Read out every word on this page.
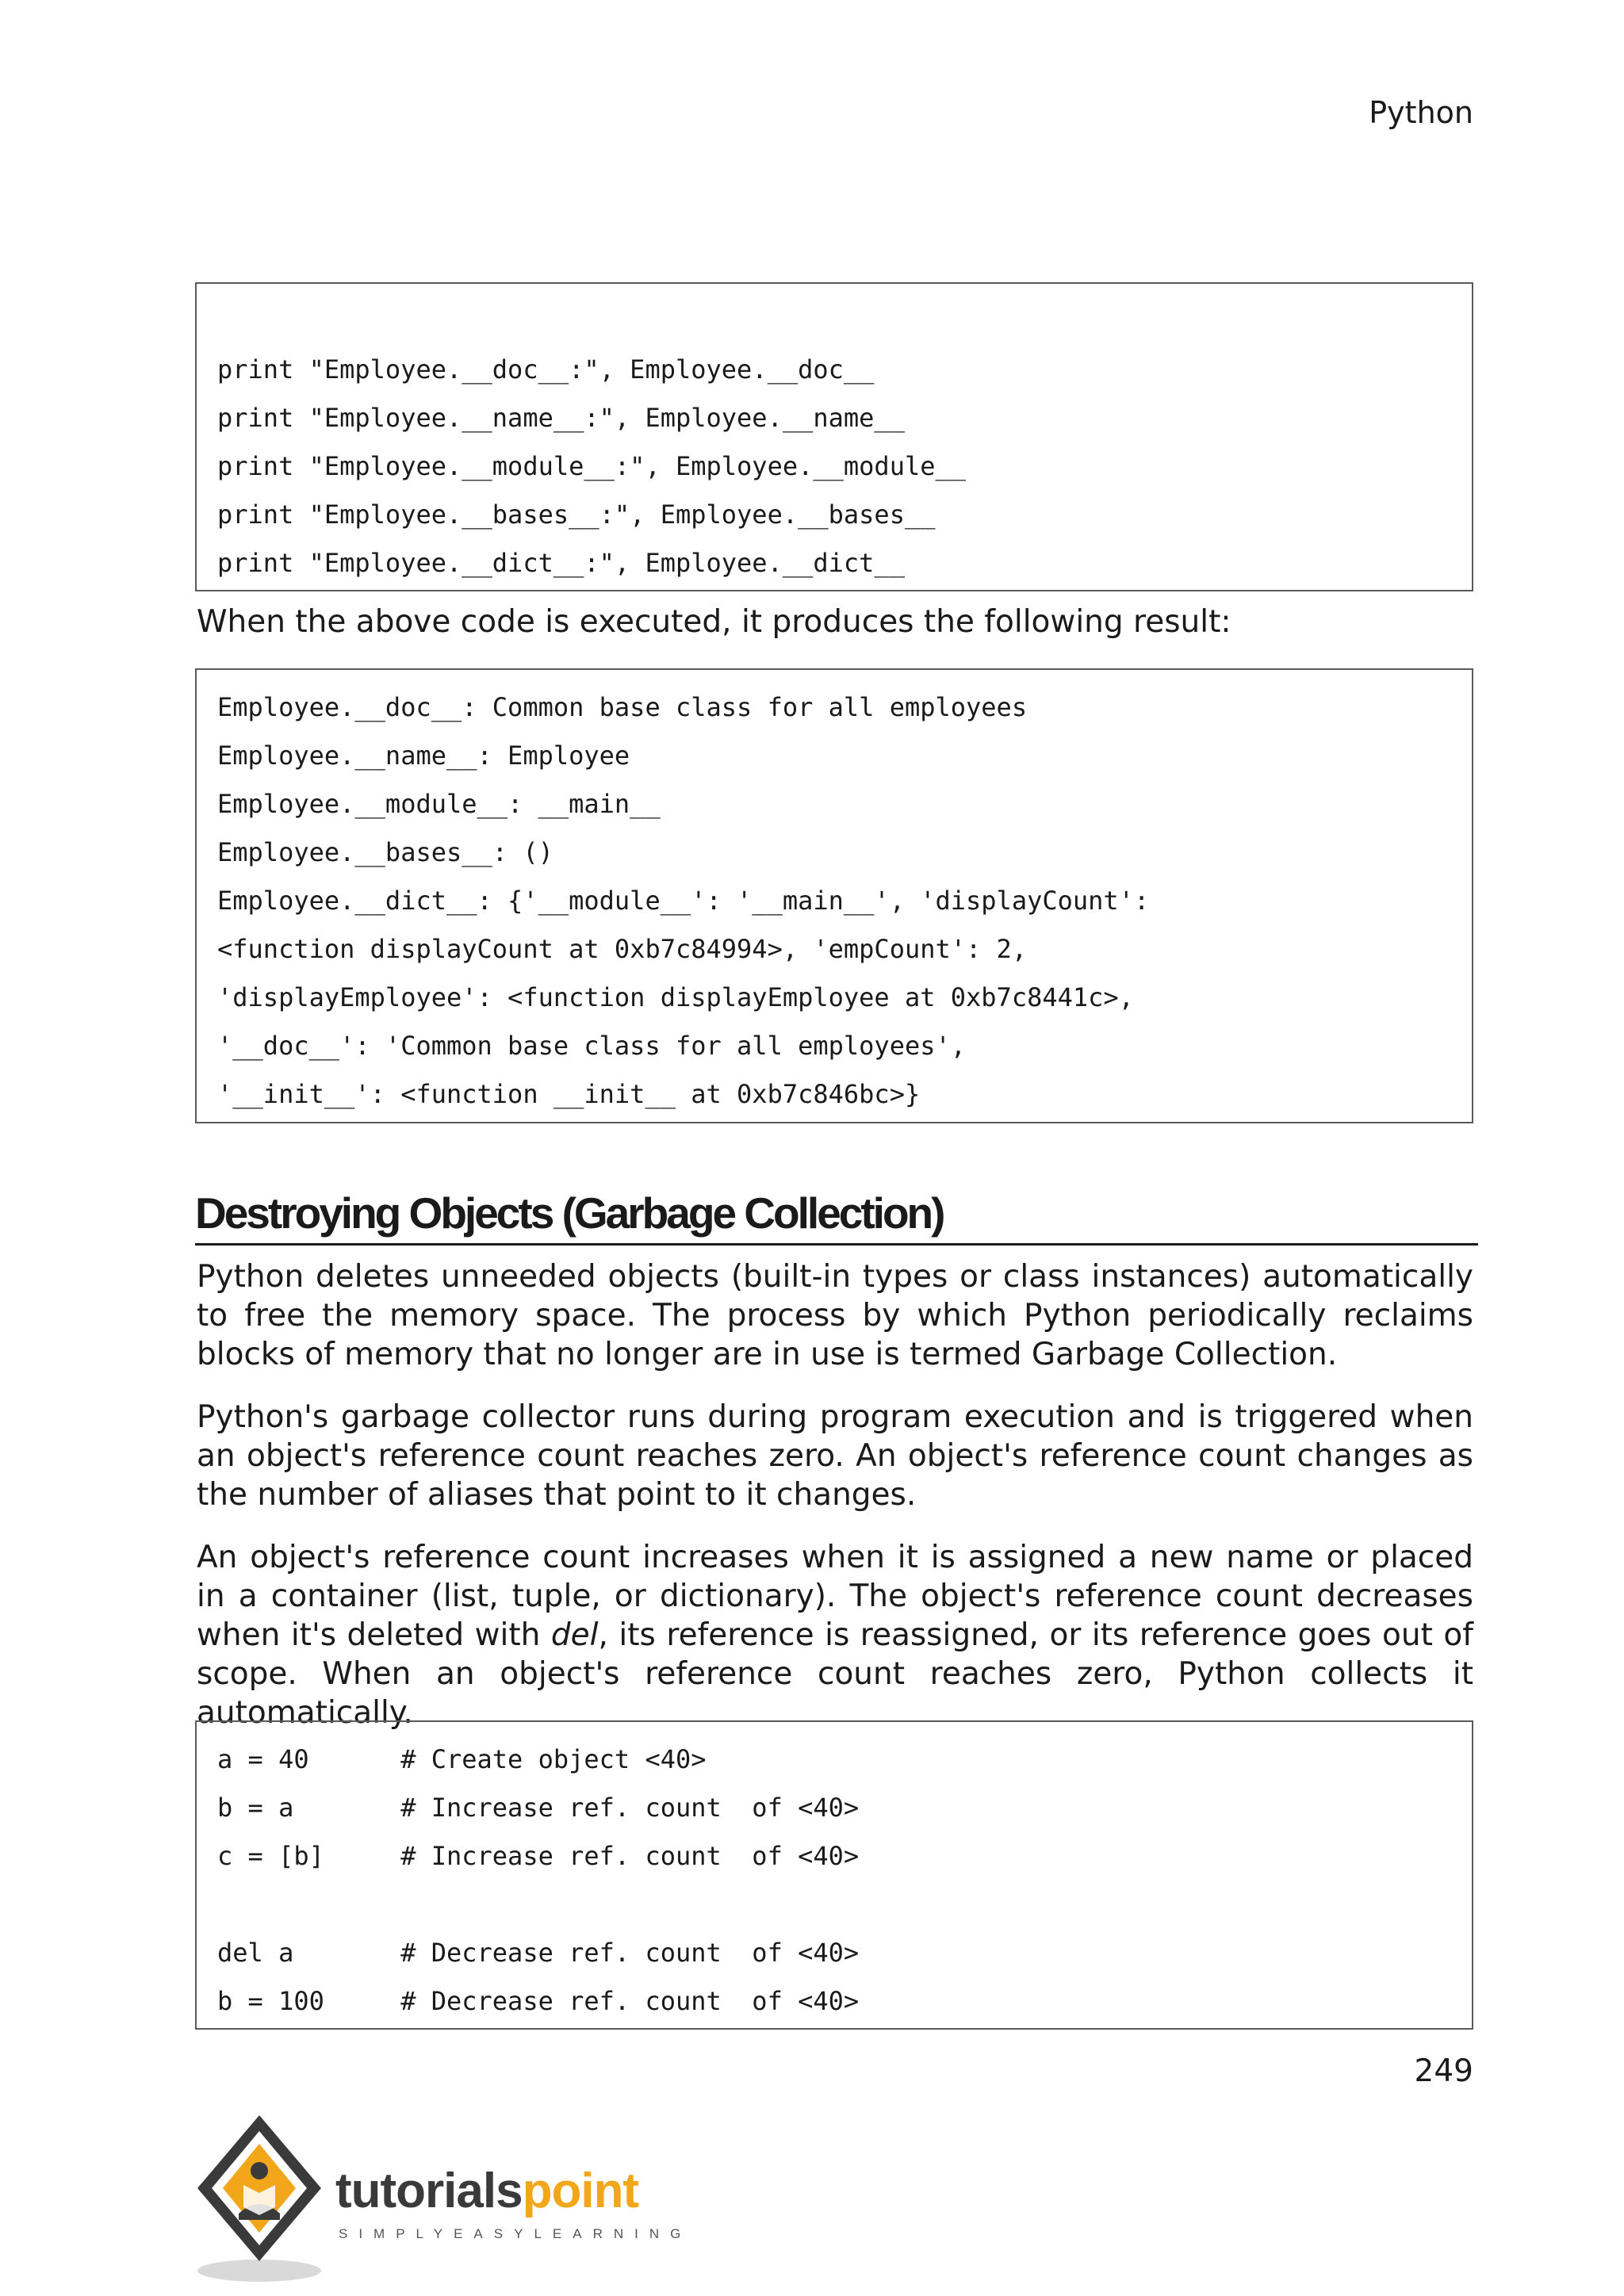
Python
print "Employee.__doc__:", Employee.__doc__
print "Employee.__name__:", Employee.__name__
print "Employee.__module__:", Employee.__module__
print "Employee.__bases__:", Employee.__bases__
print "Employee.__dict__:", Employee.__dict__

When the above code is executed, it produces the following result:

Employee.__doc__: Common base class for all employees
Employee.__name__: Employee
Employee.__module__: __main__
Employee.__bases__: ()
Employee.__dict__: {'__module__': '__main__', 'displayCount':
<function displayCount at 0xb7c84994>, 'empCount': 2,
'displayEmployee': <function displayEmployee at 0xb7c8441c>,
'__doc__': 'Common base class for all employees',
'__init__': <function __init__ at 0xb7c846bc>}
Destroying Objects (Garbage Collection)

Python deletes unneeded objects (built-in types or class instances) automatically to free the memory space. The process by which Python periodically reclaims blocks of memory that no longer are in use is termed Garbage Collection.

Python's garbage collector runs during program execution and is triggered when an object's reference count reaches zero. An object's reference count changes as the number of aliases that point to it changes.

An object's reference count increases when it is assigned a new name or placed in a container (list, tuple, or dictionary). The object's reference count decreases when it's deleted with del, its reference is reassigned, or its reference goes out of scope. When an object's reference count reaches zero, Python collects it automatically.

a = 40      # Create object <40>
b = a       # Increase ref. count  of <40>
c = [b]     # Increase ref. count  of <40>
del a       # Decrease ref. count  of <40>
b = 100     # Decrease ref. count  of <40>
249
tutorialspoint
SIMPLYEASYLEARNING
